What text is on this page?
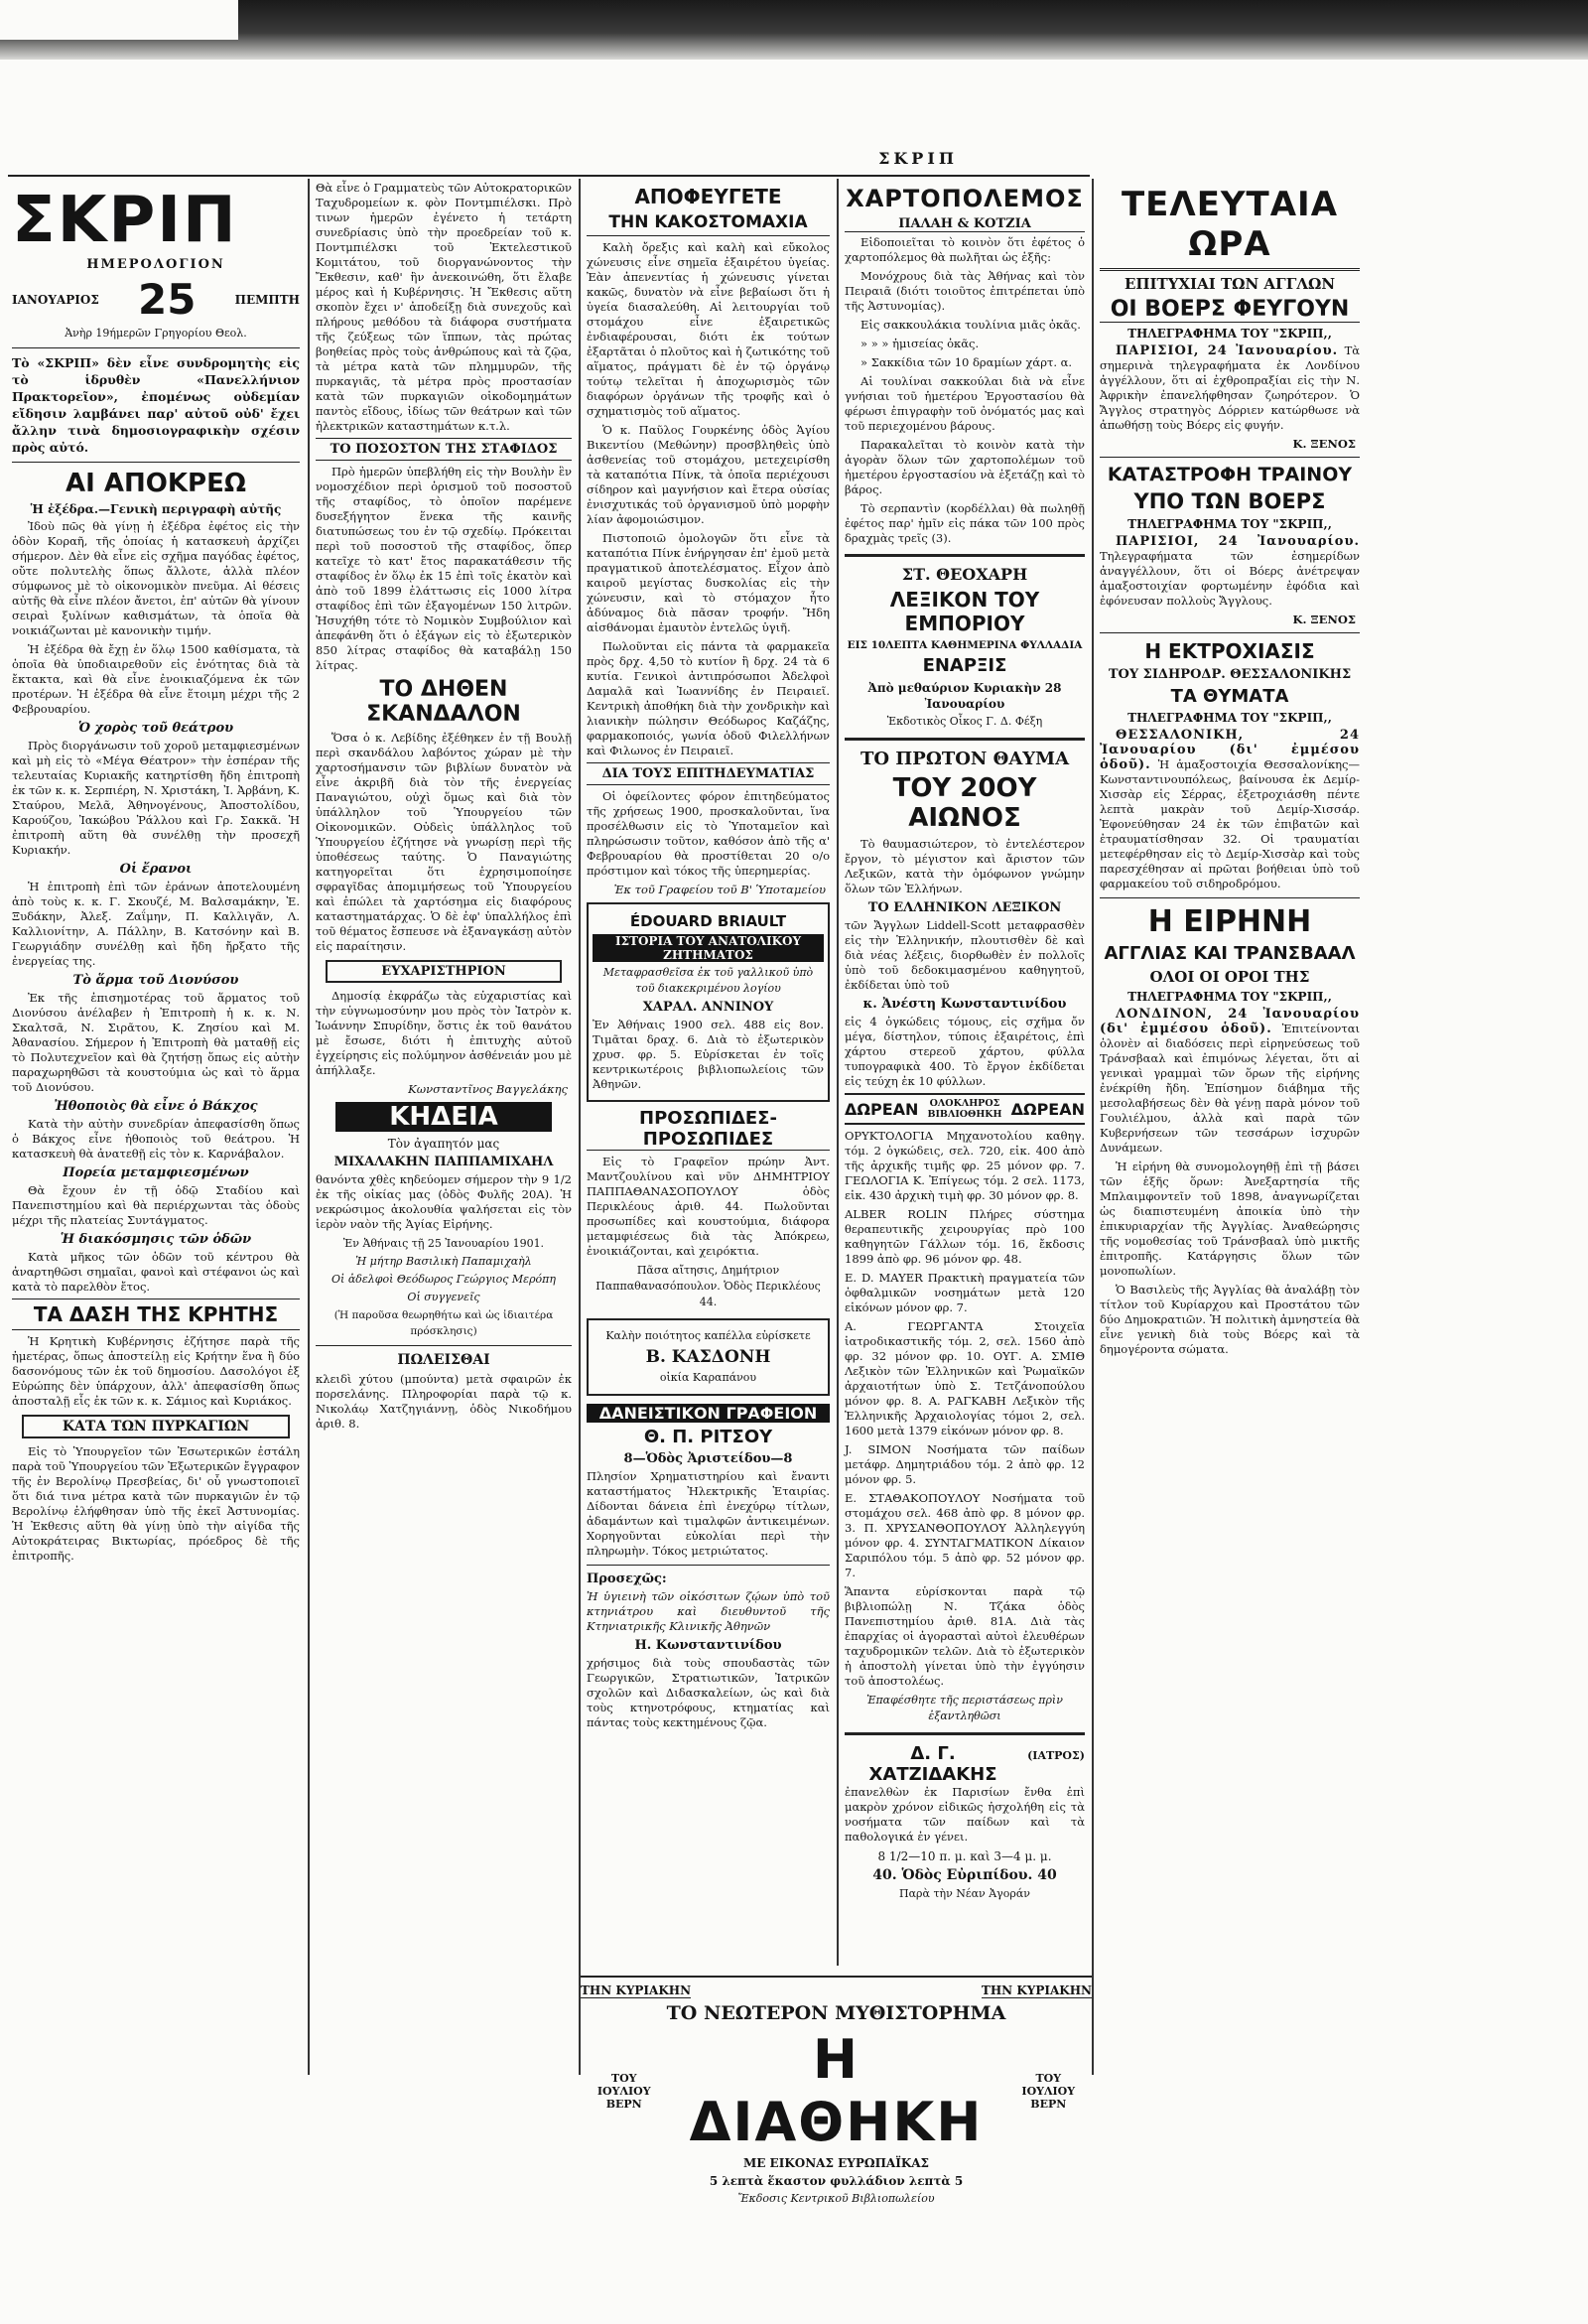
ΣΚΡΙΠ
ΣΚΡΙΠ
ΗΜΕΡΟΛΟΓΙΟΝ
ΙΑΝΟΥΑΡΙΟΣ 25	ΠΕΜΠΤΗ
Ἀνὴρ 19ήμερῶν Γρηγορίου Θεολ.

Τὸ «ΣΚΡΙΠ» δὲν εἶνε συνδρομητὴς εἰς τὸ ἱδρυθὲν «Πανελλήνιον Πρακτορεῖον», ἐπομένως οὐδεμίαν εἴδησιν λαμβάνει παρ' αὐτοῦ οὐδ' ἔχει ἄλλην τινὰ δημοσιογραφικὴν σχέσιν πρὸς αὐτό.

ΑΙ ΑΠΟΚΡΕΩ
Ἡ ἐξέδρα.—Γενικὴ περιγραφὴ αὐτῆς

Ἰδοὺ πῶς θὰ γίνῃ ἡ ἐξέδρα ἐφέτος εἰς τὴν ὁδὸν Κοραῆ, τῆς ὁποίας ἡ κατασκευὴ ἀρχίζει σήμερον. Δὲν θὰ εἶνε εἰς σχῆμα παγόδας ἐφέτος, οὔτε πολυτελὴς ὅπως ἄλλοτε, ἀλλὰ πλέον σύμφωνος μὲ τὸ οἰκονομικὸν πνεῦμα. Αἱ θέσεις αὐτῆς θὰ εἶνε πλέον ἄνετοι, ἐπ' αὐτῶν θὰ γίνουν σειραὶ ξυλίνων καθισμάτων, τὰ ὁποῖα θὰ νοικιάζωνται μὲ κανονικὴν τιμήν.

Ἡ ἐξέδρα θὰ ἔχῃ ἐν ὅλῳ 1500 καθίσματα, τὰ ὁποῖα θὰ ὑποδιαιρεθοῦν εἰς ἑνότητας διὰ τὰ ἔκτακτα, καὶ θὰ εἶνε ἐνοικιαζόμενα ἐκ τῶν προτέρων. Ἡ ἐξέδρα θὰ εἶνε ἕτοιμη μέχρι τῆς 2 Φεβρουαρίου.

Ὁ χορὸς τοῦ θεάτρου

Πρὸς διοργάνωσιν τοῦ χοροῦ μεταμφιεσμένων καὶ μὴ εἰς τὸ «Μέγα Θέατρον» τὴν ἑσπέραν τῆς τελευταίας Κυριακῆς κατηρτίσθη ἤδη ἐπιτροπὴ ἐκ τῶν κ. κ. Σερπιέρη, Ν. Χριστάκη, Ἰ. Ἀρβάνη, Κ. Σταύρου, Μελᾶ, Ἀθηνογένους, Ἀποστολίδου, Καρούζου, Ἰακώβου Ῥάλλου καὶ Γρ. Σακκᾶ. Ἡ ἐπιτροπὴ αὕτη θὰ συνέλθῃ τὴν προσεχῆ Κυριακήν.

Οἱ ἔρανοι

Ἡ ἐπιτροπὴ ἐπὶ τῶν ἐράνων ἀποτελουμένη ἀπὸ τοὺς κ. κ. Γ. Σκουζέ, Μ. Βαλσαμάκην, Ἐ. Ξυδάκην, Ἀλεξ. Ζαΐμην, Π. Καλλιγᾶν, Λ. Καλλιονίτην, Α. Πάλλην, Β. Κατσόνην καὶ Β. Γεωργιάδην συνέλθῃ καὶ ἤδη ἤρξατο τῆς ἐνεργείας της.

Τὸ ἅρμα τοῦ Διονύσου

Ἐκ τῆς ἐπισημοτέρας τοῦ ἅρματος τοῦ Διονύσου ἀνέλαβεν ἡ Ἐπιτροπὴ ἡ κ. κ. Ν. Σκαλτσᾶ, Ν. Σιρᾶτου, Κ. Ζησίου καὶ Μ. Ἀθανασίου. Σήμερον ἡ Ἐπιτροπὴ θὰ ματαθῇ εἰς τὸ Πολυτεχνεῖον καὶ θὰ ζητήσῃ ὅπως εἰς αὐτὴν παραχωρηθῶσι τὰ κουστούμια ὡς καὶ τὸ ἅρμα τοῦ Διονύσου.

Ἠθοποιὸς θὰ εἶνε ὁ Βάκχος

Κατὰ τὴν αὐτὴν συνεδρίαν ἀπεφασίσθη ὅπως ὁ Βάκχος εἶνε ἠθοποιὸς τοῦ θεάτρου. Ἡ κατασκευὴ θὰ ἀνατεθῇ εἰς τὸν κ. Καρνάβαλον.

Πορεία μεταμφιεσμένων

Θὰ ἔχουν ἐν τῇ ὁδῷ Σταδίου καὶ Πανεπιστημίου καὶ θὰ περιέρχωνται τὰς ὁδοὺς μέχρι τῆς πλατείας Συντάγματος.

Ἡ διακόσμησις τῶν ὁδῶν

Κατὰ μῆκος τῶν ὁδῶν τοῦ κέντρου θὰ ἀναρτηθῶσι σημαῖαι, φανοὶ καὶ στέφανοι ὡς καὶ κατὰ τὸ παρελθὸν ἔτος.

ΤΑ ΔΑΣΗ ΤΗΣ ΚΡΗΤΗΣ

Ἡ Κρητικὴ Κυβέρνησις ἐζήτησε παρὰ τῆς ἡμετέρας, ὅπως ἀποστείλῃ εἰς Κρήτην ἕνα ἢ δύο δασονόμους τῶν ἐκ τοῦ δημοσίου. Δασολόγοι ἐξ Εὐρώπης δὲν ὑπάρχουν, ἀλλ' ἀπεφασίσθη ὅπως ἀποσταλῇ εἷς ἐκ τῶν κ. κ. Σάμιος καὶ Κυριάκος.

ΚΑΤΑ ΤΩΝ ΠΥΡΚΑΓΙΩΝ

Εἰς τὸ Ὑπουργεῖον τῶν Ἐσωτερικῶν ἐστάλη παρὰ τοῦ Ὑπουργείου τῶν Ἐξωτερικῶν ἔγγραφον τῆς ἐν Βερολίνῳ Πρεσβείας, δι' οὗ γνωστοποιεῖ ὅτι διά τινα μέτρα κατὰ τῶν πυρκαγιῶν ἐν τῷ Βερολίνῳ ἐλήφθησαν ὑπὸ τῆς ἐκεῖ Ἀστυνομίας. Ἡ Ἐκθεσις αὕτη θὰ γίνῃ ὑπὸ τὴν αἰγίδα τῆς Αὐτοκράτειρας Βικτωρίας, πρόεδρος δὲ τῆς ἐπιτροπῆς.

Θὰ εἶνε ὁ Γραμματεὺς τῶν Αὐτοκρατορικῶν Ταχυδρομείων κ. φὸν Ποντμπιέλσκι. Πρὸ τινων ἡμερῶν ἐγένετο ἡ τετάρτη συνεδρίασις ὑπὸ τὴν προεδρείαν τοῦ κ. Ποντμπιέλσκι τοῦ Ἐκτελεστικοῦ Κομιτάτου, τοῦ διοργανώνοντος τὴν Ἔκθεσιν, καθ' ἣν ἀνεκοινώθη, ὅτι ἔλαβε μέρος καὶ ἡ Κυβέρνησις. Ἡ Ἔκθεσις αὕτη σκοπὸν ἔχει ν' ἀποδείξῃ διὰ συνεχοῦς καὶ πλήρους μεθόδου τὰ διάφορα συστήματα τῆς ζεύξεως τῶν ἵππων, τὰς πρώτας βοηθείας πρὸς τοὺς ἀνθρώπους καὶ τὰ ζῷα, τὰ μέτρα κατὰ τῶν πλημμυρῶν, τῆς πυρκαγιᾶς, τὰ μέτρα πρὸς προστασίαν κατὰ τῶν πυρκαγιῶν οἰκοδομημάτων παντὸς εἴδους, ἰδίως τῶν θεάτρων καὶ τῶν ἠλεκτρικῶν καταστημάτων κ.τ.λ.

ΤΟ ΠΟΣΟΣΤΟΝ ΤΗΣ ΣΤΑΦΙΔΟΣ

Πρὸ ἡμερῶν ὑπεβλήθη εἰς τὴν Βουλὴν ἓν νομοσχέδιον περὶ ὁρισμοῦ τοῦ ποσοστοῦ τῆς σταφίδος, τὸ ὁποῖον παρέμενε δυσεξήγητον ἕνεκα τῆς καινῆς διατυπώσεως του ἐν τῷ σχεδίῳ. Πρόκειται περὶ τοῦ ποσοστοῦ τῆς σταφίδος, ὅπερ κατεῖχε τὸ κατ' ἔτος παρακατάθεσιν τῆς σταφίδος ἐν ὅλῳ ἐκ 15 ἐπὶ τοῖς ἑκατὸν καὶ ἀπὸ τοῦ 1899 ἐλάττωσις εἰς 1000 λίτρα σταφίδος ἐπὶ τῶν ἐξαγομένων 150 λιτρῶν. Ἠσυχήθη τότε τὸ Νομικὸν Συμβούλιον καὶ ἀπεφάνθη ὅτι ὁ ἐξάγων εἰς τὸ ἐξωτερικὸν 850 λίτρας σταφίδος θὰ καταβάλῃ 150 λίτρας.

ΤΟ ΔΗΘΕΝ ΣΚΑΝΔΑΛΟΝ

Ὅσα ὁ κ. Λεβίδης ἐξέθηκεν ἐν τῇ Βουλῇ περὶ σκανδάλου λαβόντος χώραν μὲ τὴν χαρτοσήμανσιν τῶν βιβλίων δυνατὸν νὰ εἶνε ἀκριβῆ διὰ τὸν τῆς ἐνεργείας Παναγιώτου, οὐχὶ ὅμως καὶ διὰ τὸν ὑπάλληλον τοῦ Ὑπουργείου τῶν Οἰκονομικῶν. Οὐδεὶς ὑπάλληλος τοῦ Ὑπουργείου ἐζήτησε νὰ γνωρίσῃ περὶ τῆς ὑποθέσεως ταύτης. Ὁ Παναγιώτης κατηγορεῖται ὅτι ἐχρησιμοποίησε σφραγῖδας ἀπομιμήσεως τοῦ Ὑπουργείου καὶ ἐπώλει τὰ χαρτόσημα εἰς διαφόρους καταστηματάρχας. Ὁ δὲ ἐφ' ὑπαλλήλος ἐπὶ τοῦ θέματος ἔσπευσε νὰ ἐξαναγκάσῃ αὐτὸν εἰς παραίτησιν.

ΕΥΧΑΡΙΣΤΗΡΙΟΝ

Δημοσίᾳ ἐκφράζω τὰς εὐχαριστίας καὶ τὴν εὐγνωμοσύνην μου πρὸς τὸν Ἰατρὸν κ. Ἰωάννην Σπυρίδην, ὅστις ἐκ τοῦ θανάτου μὲ ἔσωσε, διότι ἡ ἐπιτυχὴς αὐτοῦ ἐγχείρησις εἰς πολύμηνον ἀσθένειάν μου μὲ ἀπήλλαξε.

Κωνσταντῖνος Βαγγελάκης
ΚΗΔΕΙΑ
Τὸν ἀγαπητόν μας
ΜΙΧΑΛΑΚΗΝ ΠΑΠΠΑΜΙΧΑΗΛ

θανόντα χθὲς κηδεύομεν σήμερον τὴν 9 1/2 ἐκ τῆς οἰκίας μας (ὁδὸς Φυλῆς 20Α). Ἡ νεκρώσιμος ἀκολουθία ψαλήσεται εἰς τὸν ἱερὸν ναὸν τῆς Ἁγίας Εἰρήνης.

Ἐν Ἀθήναις τῇ 25 Ἰανουαρίου 1901.
Ἡ μήτηρ Βασιλικὴ Παπαμιχαὴλ
Οἱ ἀδελφοὶ Θεόδωρος Γεώργιος Μερόπη
Οἱ συγγενεῖς
(Ἡ παροῦσα θεωρηθήτω καὶ ὡς ἰδιαιτέρα πρόσκλησις)
ΠΩΛΕΙΣΘΑΙ

κλειδὶ χύτου (μπούντα) μετὰ σφαιρῶν ἐκ πορσελάνης. Πληροφορίαι παρὰ τῷ κ. Νικολάῳ Χατζηγιάννῃ, ὁδὸς Νικοδήμου ἀριθ. 8.

ΑΠΟΦΕΥΓΕΤΕ
ΤΗΝ ΚΑΚΟΣΤΟΜΑΧΙΑ

Καλὴ ὄρεξις καὶ καλὴ καὶ εὔκολος χώνευσις εἶνε σημεῖα ἐξαιρέτου ὑγείας. Ἐὰν ἀπενεντίας ἡ χώνευσις γίνεται κακῶς, δυνατὸν νὰ εἶνε βεβαίωσι ὅτι ἡ ὑγεία διασαλεύθη. Αἱ λειτουργίαι τοῦ στομάχου εἶνε ἐξαιρετικῶς ἐνδιαφέρουσαι, διότι ἐκ τούτων ἐξαρτᾶται ὁ πλοῦτος καὶ ἡ ζωτικότης τοῦ αἵματος, πράγματι δὲ ἐν τῷ ὀργάνῳ τούτῳ τελεῖται ἡ ἀποχωρισμὸς τῶν διαφόρων ὀργάνων τῆς τροφῆς καὶ ὁ σχηματισμὸς τοῦ αἵματος.

Ὁ κ. Παῦλος Γουρκένης ὁδὸς Ἁγίου Βικεντίου (Μεθώνην) προσβληθεὶς ὑπὸ ἀσθενείας τοῦ στομάχου, μετεχειρίσθη τὰ καταπότια Πίνκ, τὰ ὁποῖα περιέχουσι σίδηρον καὶ μαγνήσιον καὶ ἔτερα οὐσίας ἐνισχυτικάς τοῦ ὀργανισμοῦ ὑπὸ μορφὴν λίαν ἀφομοιώσιμον.

Πιστοποιῶ ὁμολογῶν ὅτι εἶνε τὰ καταπότια Πίνκ ἐνήργησαν ἐπ' ἐμοῦ μετὰ πραγματικοῦ ἀποτελέσματος. Εἶχον ἀπὸ καιροῦ μεγίστας δυσκολίας εἰς τὴν χώνευσιν, καὶ τὸ στόμαχον ἦτο ἀδύναμος διὰ πᾶσαν τροφήν. Ἤδη αἰσθάνομαι ἐμαυτὸν ἐντελῶς ὑγιῆ.

Πωλοῦνται εἰς πάντα τὰ φαρμακεῖα πρὸς δρχ. 4,50 τὸ κυτίον ἢ δρχ. 24 τὰ 6 κυτία. Γενικοὶ ἀντιπρόσωποι Ἀδελφοὶ Δαμαλᾶ καὶ Ἰωαννίδης ἐν Πειραιεῖ. Κεντρικὴ ἀποθήκη διὰ τὴν χονδρικὴν καὶ λιανικὴν πώλησιν Θεόδωρος Καζάζης, φαρμακοποιός, γωνία ὁδοῦ Φιλελλήνων καὶ Φιλωνος ἐν Πειραιεῖ.

ΔΙΑ ΤΟΥΣ ΕΠΙΤΗΔΕΥΜΑΤΙΑΣ

Οἱ ὀφείλοντες φόρον ἐπιτηδεύματος τῆς χρήσεως 1900, προσκαλοῦνται, ἵνα προσέλθωσιν εἰς τὸ Ὑποταμεῖον καὶ πληρώσωσιν τοῦτον, καθόσον ἀπὸ τῆς α' Φεβρουαρίου θὰ προστίθεται 20 ο/ο πρόστιμον καὶ τόκος τῆς ὑπερημερίας.

Ἐκ τοῦ Γραφείου τοῦ Β' Ὑποταμείου
ÉDOUARD BRIAULT
ΙΣΤΟΡΙΑ ΤΟΥ ΑΝΑΤΟΛΙΚΟΥ ΖΗΤΗΜΑΤΟΣ
Μεταφρασθεῖσα ἐκ τοῦ γαλλικοῦ ὑπὸ τοῦ διακεκριμένου λογίου
ΧΑΡΑΛ. ΑΝΝΙΝΟΥ

Ἐν Ἀθήναις 1900 σελ. 488 εἰς 8ον. Τιμᾶται δραχ. 6. Διὰ τὸ ἐξωτερικὸν χρυσ. φρ. 5. Εὑρίσκεται ἐν τοῖς κεντρικωτέροις βιβλιοπωλείοις τῶν Ἀθηνῶν.

ΠΡΟΣΩΠΙΔΕΣ-ΠΡΟΣΩΠΙΔΕΣ

Εἰς τὸ Γραφεῖον πρώην Ἀντ. Μαντζουλίνου καὶ νῦν ΔΗΜΗΤΡΙΟΥ ΠΑΠΠΑΘΑΝΑΣΟΠΟΥΛΟΥ ὁδὸς Περικλέους ἀριθ. 44. Πωλοῦνται προσωπίδες καὶ κουστούμια, διάφορα μεταμφιέσεως διὰ τὰς Ἀπόκρεω, ἐνοικιάζονται, καὶ χειρόκτια.

Πᾶσα αἴτησις, Δημήτριον Παππαθανασόπουλον. Ὁδὸς Περικλέους 44.
Καλὴν ποιότητος καπέλλα εὑρίσκετε
Β. ΚΑΣΔΟΝΗ
οἰκία Καραπάνου
ΔΑΝΕΙΣΤΙΚΟΝ ΓΡΑΦΕΙΟΝ
Θ. Π. ΡΙΤΣΟΥ
8—Ὁδὸς Ἀριστείδου—8

Πλησίον Χρηματιστηρίου καὶ ἔναντι καταστήματος Ἠλεκτρικῆς Ἑταιρίας. Δίδονται δάνεια ἐπὶ ἐνεχύρῳ τίτλων, ἀδαμάντων καὶ τιμαλφῶν ἀντικειμένων. Χορηγοῦνται εὐκολίαι περὶ τὴν πληρωμὴν. Τόκος μετριώτατος.

Προσεχῶς:

Ἡ ὑγιεινὴ τῶν οἰκόσιτων ζῴων ὑπὸ τοῦ κτηνιάτρου καὶ διευθυντοῦ τῆς Κτηνιατρικῆς Κλινικῆς Ἀθηνῶν

Η. Κωνσταντινίδου

χρήσιμος διὰ τοὺς σπουδαστὰς τῶν Γεωργικῶν, Στρατιωτικῶν, Ἰατρικῶν σχολῶν καὶ Διδασκαλείων, ὡς καὶ διὰ τοὺς κτηνοτρόφους, κτηματίας καὶ πάντας τοὺς κεκτημένους ζῷα.

ΧΑΡΤΟΠΟΛΕΜΟΣ
ΠΑΛΑΗ & ΚΟΤΖΙΑ

Εἰδοποιεῖται τὸ κοινὸν ὅτι ἐφέτος ὁ χαρτοπόλεμος θὰ πωλῆται ὡς ἑξῆς:

Μονόχρους διὰ τὰς Ἀθήνας καὶ τὸν Πειραιᾶ (διότι τοιοῦτος ἐπιτρέπεται ὑπὸ τῆς Ἀστυνομίας).

Εἰς σακκουλάκια τουλίνια μιᾶς ὀκᾶς.

» » » ἡμισείας ὀκᾶς.

» Σακκίδια τῶν 10 δραμίων χάρτ. α.

Αἱ τουλίναι σακκούλαι διὰ νὰ εἶνε γνήσιαι τοῦ ἡμετέρου Ἐργοστασίου θὰ φέρωσι ἐπιγραφὴν τοῦ ὀνόματός μας καὶ τοῦ περιεχομένου βάρους.

Παρακαλεῖται τὸ κοινὸν κατὰ τὴν ἀγορὰν ὅλων τῶν χαρτοπολέμων τοῦ ἡμετέρου ἐργοστασίου νὰ ἐξετάζῃ καὶ τὸ βάρος.

Τὸ σερπαντὶν (κορδέλλαι) θὰ πωληθῇ ἐφέτος παρ' ἡμῖν εἰς πάκα τῶν 100 πρὸς δραχμὰς τρεῖς (3).

ΣΤ. ΘΕΟΧΑΡΗ
ΛΕΞΙΚΟΝ ΤΟΥ ΕΜΠΟΡΙΟΥ
ΕΙΣ 10ΛΕΠΤΑ ΚΑΘΗΜΕΡΙΝΑ ΦΥΛΛΑΔΙΑ
ΕΝΑΡΞΙΣ
Ἀπὸ μεθαύριον Κυριακὴν 28 Ἰανουαρίου
Ἐκδοτικὸς Οἶκος Γ. Δ. Φέξη
ΤΟ ΠΡΩΤΟΝ ΘΑΥΜΑ
ΤΟΥ 20ΟΥ ΑΙΩΝΟΣ

Τὸ θαυμασιώτερον, τὸ ἐντελέστερον ἔργον, τὸ μέγιστον καὶ ἄριστον τῶν Λεξικῶν, κατὰ τὴν ὁμόφωνον γνώμην ὅλων τῶν Ἑλλήνων.

ΤΟ ΕΛΛΗΝΙΚΟΝ ΛΕΞΙΚΟΝ

τῶν Ἄγγλων Liddell-Scott μεταφρασθὲν εἰς τὴν Ἑλληνικήν, πλουτισθὲν δὲ καὶ διὰ νέας λέξεις, διορθωθὲν ἐν πολλοῖς ὑπὸ τοῦ δεδοκιμασμένου καθηγητοῦ, ἐκδίδεται ὑπὸ τοῦ

κ. Ἀνέστη Κωνσταντινίδου

εἰς 4 ὀγκώδεις τόμους, εἰς σχῆμα ὄν μέγα, δίστηλον, τύποις ἐξαιρέτοις, ἐπὶ χάρτου στερεοῦ χάρτου, φύλλα τυπογραφικὰ 400. Τὸ ἔργον ἐκδίδεται εἰς τεύχη ἐκ 10 φύλλων.

ΔΩΡΕΑΝ	ΟΛΟΚΛΗΡΟΣ ΒΙΒΛΙΟΘΗΚΗ ΔΩΡΕΑΝ

ΟΡΥΚΤΟΛΟΓΙΑ Μηχανοτολίου καθηγ. τόμ. 2 ὀγκώδεις, σελ. 720, εἰκ. 400 ἀπὸ τῆς ἀρχικῆς τιμῆς φρ. 25 μόνον φρ. 7. ΓΕΩΛΟΓΙΑ Κ. Ἐπίγεως τόμ. 2 σελ. 1173, εἰκ. 430 ἀρχικὴ τιμὴ φρ. 30 μόνον φρ. 8.

ALBER ROLIN Πλήρες σύστημα θεραπευτικῆς χειρουργίας πρὸ 100 καθηγητῶν Γάλλων τόμ. 16, ἔκδοσις 1899 ἀπὸ φρ. 96 μόνον φρ. 48.

E. D. MAYER Πρακτικὴ πραγματεία τῶν ὀφθαλμικῶν νοσημάτων μετὰ 120 εἰκόνων μόνον φρ. 7.

Α. ΓΕΩΡΓΑΝΤΑ Στοιχεῖα ἰατροδικαστικῆς τόμ. 2, σελ. 1560 ἀπὸ φρ. 32 μόνον φρ. 10. ΟΥΓ. Α. ΣΜΙΘ Λεξικὸν τῶν Ἑλληνικῶν καὶ Ῥωμαϊκῶν ἀρχαιοτήτων ὑπὸ Σ. Τετζάνοπούλου μόνον φρ. 8. Α. ΡΑΓΚΑΒΗ Λεξικὸν τῆς Ἑλληνικῆς Ἀρχαιολογίας τόμοι 2, σελ. 1600 μετὰ 1379 εἰκόνων μόνον φρ. 8.

J. SIMON Νοσήματα τῶν παίδων μετάφρ. Δημητριάδου τόμ. 2 ἀπὸ φρ. 12 μόνον φρ. 5.

Ε. ΣΤΑΘΑΚΟΠΟΥΛΟΥ Νοσήματα τοῦ στομάχου σελ. 468 ἀπὸ φρ. 8 μόνον φρ. 3. Π. ΧΡΥΣΑΝΘΟΠΟΥΛΟΥ Ἀλληλεγγύη μόνον φρ. 4. ΣΥΝΤΑΓΜΑΤΙΚΟΝ Δίκαιον Σαριπόλου τόμ. 5 ἀπὸ φρ. 52 μόνον φρ. 7.

Ἅπαντα εὑρίσκονται παρὰ τῷ βιβλιοπώλῃ Ν. Τζάκα ὁδὸς Πανεπιστημίου ἀριθ. 81Α. Διὰ τὰς ἐπαρχίας οἱ ἀγορασταὶ αὐτοὶ ἐλευθέρων ταχυδρομικῶν τελῶν. Διὰ τὸ ἐξωτερικὸν ἡ ἀποστολὴ γίνεται ὑπὸ τὴν ἐγγύησιν τοῦ ἀποστολέως.

Ἐπαφέσθητε τῆς περιστάσεως πρὶν ἐξαντληθῶσι
Δ. Γ. ΧΑΤΖΙΔΑΚΗΣ
(ΙΑΤΡΟΣ)

ἐπανελθὼν ἐκ Παρισίων ἔνθα ἐπὶ μακρὸν χρόνον εἰδικῶς ἠσχολήθη εἰς τὰ νοσήματα τῶν παίδων καὶ τὰ παθολογικά ἐν γένει.

8 1/2—10 π. μ. καὶ 3—4 μ. μ.
40. Ὁδὸς Εὐριπίδου. 40
Παρὰ τὴν Νέαν Ἀγοράν
ΤΕΛΕΥΤΑΙΑ ΩΡΑ
ΕΠΙΤΥΧΙΑΙ ΤΩΝ ΑΓΓΛΩΝ
ΟΙ ΒΟΕΡΣ ΦΕΥΓΟΥΝ
ΤΗΛΕΓΡΑΦΗΜΑ ΤΟΥ "ΣΚΡΙΠ,,

ΠΑΡΙΣΙΟΙ, 24 Ἰανουαρίου. Τὰ σημερινὰ τηλεγραφήματα ἐκ Λονδίνου ἀγγέλλουν, ὅτι αἱ ἐχθροπραξίαι εἰς τὴν Ν. Ἀφρικὴν ἐπανελήφθησαν ζωηρότερον. Ὁ Ἄγγλος στρατηγὸς Δόρριεν κατώρθωσε νὰ ἀπωθήσῃ τοὺς Βόερς εἰς φυγήν.

Κ. ΞΕΝΟΣ
ΚΑΤΑΣΤΡΟΦΗ ΤΡΑΙΝΟΥ
ΥΠΟ ΤΩΝ ΒΟΕΡΣ
ΤΗΛΕΓΡΑΦΗΜΑ ΤΟΥ "ΣΚΡΙΠ,,

ΠΑΡΙΣΙΟΙ, 24 Ἰανουαρίου. Τηλεγραφήματα τῶν ἐσημερίδων ἀναγγέλλουν, ὅτι οἱ Βόερς ἀνέτρεψαν ἁμαξοστοιχίαν φορτωμένην ἐφόδια καὶ ἐφόνευσαν πολλοὺς Ἄγγλους.

Κ. ΞΕΝΟΣ
Η ΕΚΤΡΟΧΙΑΣΙΣ
ΤΟΥ ΣΙΔΗΡΟΔΡ. ΘΕΣΣΑΛΟΝΙΚΗΣ
ΤΑ ΘΥΜΑΤΑ
ΤΗΛΕΓΡΑΦΗΜΑ ΤΟΥ "ΣΚΡΙΠ,,

ΘΕΣΣΑΛΟΝΙΚΗ, 24 Ἰανουαρίου (δι' ἐμμέσου ὁδοῦ). Ἡ ἁμαξοστοιχία Θεσσαλονίκης—Κωνσταντινουπόλεως, βαίνουσα ἐκ Δεμίρ-Χισσὰρ εἰς Σέρρας, ἐξετροχιάσθη πέντε λεπτὰ μακρὰν τοῦ Δεμίρ-Χισσάρ. Ἐφονεύθησαν 24 ἐκ τῶν ἐπιβατῶν καὶ ἐτραυματίσθησαν 32. Οἱ τραυματίαι μετεφέρθησαν εἰς τὸ Δεμίρ-Χισσὰρ καὶ τοὺς παρεσχέθησαν αἱ πρῶται βοήθειαι ὑπὸ τοῦ φαρμακείου τοῦ σιδηροδρόμου.

Η ΕΙΡΗΝΗ
ΑΓΓΛΙΑΣ ΚΑΙ ΤΡΑΝΣΒΑΑΛ
ΟΛΟΙ ΟΙ ΟΡΟΙ ΤΗΣ
ΤΗΛΕΓΡΑΦΗΜΑ ΤΟΥ "ΣΚΡΙΠ,,

ΛΟΝΔΙΝΟΝ, 24 Ἰανουαρίου (δι' ἐμμέσου ὁδοῦ). Ἐπιτείνονται ὁλονὲν αἱ διαδόσεις περὶ εἰρηνεύσεως τοῦ Τράνσβααλ καὶ ἐπιμόνως λέγεται, ὅτι αἱ γενικαὶ γραμμαὶ τῶν ὅρων τῆς εἰρήνης ἐνέκρίθη ἤδη. Ἐπίσημον διάβημα τῆς μεσολαβήσεως δὲν θὰ γένῃ παρὰ μόνον τοῦ Γουλιέλμου, ἀλλὰ καὶ παρὰ τῶν Κυβερνήσεων τῶν τεσσάρων ἰσχυρῶν Δυνάμεων.

Ἡ εἰρήνη θὰ συνομολογηθῇ ἐπὶ τῇ βάσει τῶν ἑξῆς ὅρων: Ἀνεξαρτησία τῆς Μπλαιμφοντεῖν τοῦ 1898, ἀναγνωρίζεται ὡς διαπιστευμένη ἀποικία ὑπὸ τὴν ἐπικυριαρχίαν τῆς Ἀγγλίας. Ἀναθεώρησις τῆς νομοθεσίας τοῦ Τράνσβααλ ὑπὸ μικτῆς ἐπιτροπῆς. Κατάργησις ὅλων τῶν μονοπωλίων.

Ὁ Βασιλεὺς τῆς Ἀγγλίας θὰ ἀναλάβῃ τὸν τίτλον τοῦ Κυρίαρχου καὶ Προστάτου τῶν δύο Δημοκρατιῶν. Ἡ πολιτικὴ ἀμνηστεία θὰ εἶνε γενικὴ διὰ τοὺς Βόερς καὶ τὰ δημογέροντα σώματα.

ΤΗΝ ΚΥΡΙΑΚΗΝ	ΤΗΝ ΚΥΡΙΑΚΗΝ
ΤΟ ΝΕΩΤΕΡΟΝ ΜΥΘΙΣΤΟΡΗΜΑ
ΤΟΥ
ΙΟΥΛΙΟΥ ΒΕΡΝ
Η ΔΙΑΘΗΚΗ
ΤΟΥ
ΙΟΥΛΙΟΥ ΒΕΡΝ
ΜΕ ΕΙΚΟΝΑΣ ΕΥΡΩΠΑΪΚΑΣ
5 λεπτὰ ἕκαστον φυλλάδιον λεπτὰ 5
Ἔκδοσις Κεντρικοῦ Βιβλιοπωλείου
